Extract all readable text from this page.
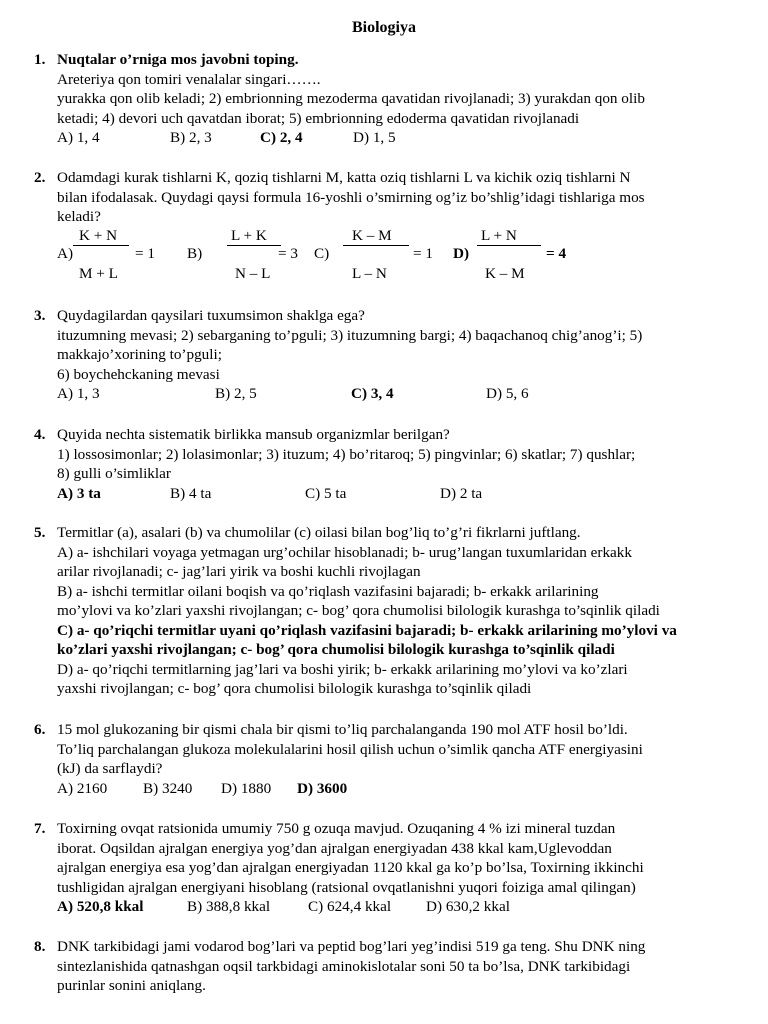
Biologiya
1. Nuqtalar o’rniga mos javobni toping.
Areteriya qon tomiri venalalar singari…….
yurakka qon olib keladi; 2) embrionning mezoderma qavatidan rivojlanadi; 3) yurakdan qon olib
ketadi; 4) devori uch qavatdan iborat; 5) embrionning edoderma qavatidan rivojlanadi
A) 1, 4	B) 2, 3	C) 2, 4	D) 1, 5
2. Odamdagi kurak tishlarni K, qoziq tishlarni M, katta oziq tishlarni L va kichik oziq tishlarni N
bilan ifodalasak. Quydagi qaysi formula 16-yoshli o’smirning og’iz bo’shlig’idagi tishlariga mos
keladi?
A)
K + N
M + L
= 1 B)
L + K
N – L
= 3 C)
K – M
L – N
= 1 D)
L + N
K – M
= 4
3. Quydagilardan qaysilari tuxumsimon shaklga ega?
ituzumning mevasi; 2) sebarganing to’pguli; 3) ituzumning bargi; 4) baqachanoq chig’anog’i; 5)
makkajo’xorining to’pguli;
6) boychehckaning mevasi
A) 1, 3	B) 2, 5	C) 3, 4	D) 5, 6
4. Quyida nechta sistematik birlikka mansub organizmlar berilgan?
1) lossosimonlar; 2) lolasimonlar; 3) ituzum; 4) bo’ritaroq; 5) pingvinlar; 6) skatlar; 7) qushlar;
8) gulli o’simliklar
A) 3 ta	B) 4 ta	C) 5 ta	D) 2 ta
5. Termitlar (a), asalari (b) va chumolilar (c) oilasi bilan bog’liq to’g’ri fikrlarni juftlang.
A) a- ishchilari voyaga yetmagan urg’ochilar hisoblanadi; b- urug’langan tuxumlaridan erkakk
arilar rivojlanadi; c- jag’lari yirik va boshi kuchli rivojlagan
B) a- ishchi termitlar oilani boqish va qo’riqlash vazifasini bajaradi; b- erkakk arilarining
mo’ylovi va ko’zlari yaxshi rivojlangan; c- bog’ qora chumolisi bilologik kurashga to’sqinlik qiladi
C) a- qo’riqchi termitlar uyani qo’riqlash vazifasini bajaradi; b- erkakk arilarining mo’ylovi va
ko’zlari yaxshi rivojlangan; c- bog’ qora chumolisi bilologik kurashga to’sqinlik qiladi
D) a- qo’riqchi termitlarning jag’lari va boshi yirik; b- erkakk arilarining mo’ylovi va ko’zlari
yaxshi rivojlangan; c- bog’ qora chumolisi bilologik kurashga to’sqinlik qiladi
6. 15 mol glukozaning bir qismi chala bir qismi to’liq parchalanganda 190 mol ATF hosil bo’ldi.
To’liq parchalangan glukoza molekulalarini hosil qilish uchun o’simlik qancha ATF energiyasini
(kJ) da sarflaydi?
A) 2160 B) 3240 D) 1880 D) 3600
7. Toxirning ovqat ratsionida umumiy 750 g ozuqa mavjud. Ozuqaning 4 % izi mineral tuzdan
iborat. Oqsildan ajralgan energiya yog’dan ajralgan energiyadan 438 kkal kam,Uglevoddan
ajralgan energiya esa yog’dan ajralgan energiyadan 1120 kkal ga ko’p bo’lsa, Toxirning ikkinchi
tushligidan ajralgan energiyani hisoblang (ratsional ovqatlanishni yuqori foiziga amal qilingan)
A) 520,8 kkal	B) 388,8 kkal C) 624,4 kkal D) 630,2 kkal
8. DNK tarkibidagi jami vodarod bog’lari va peptid bog’lari yeg’indisi 519 ga teng. Shu DNK ning
sintezlanishida qatnashgan oqsil tarkbidagi aminokislotalar soni 50 ta bo’lsa, DNK tarkibidagi
purinlar sonini aniqlang.
